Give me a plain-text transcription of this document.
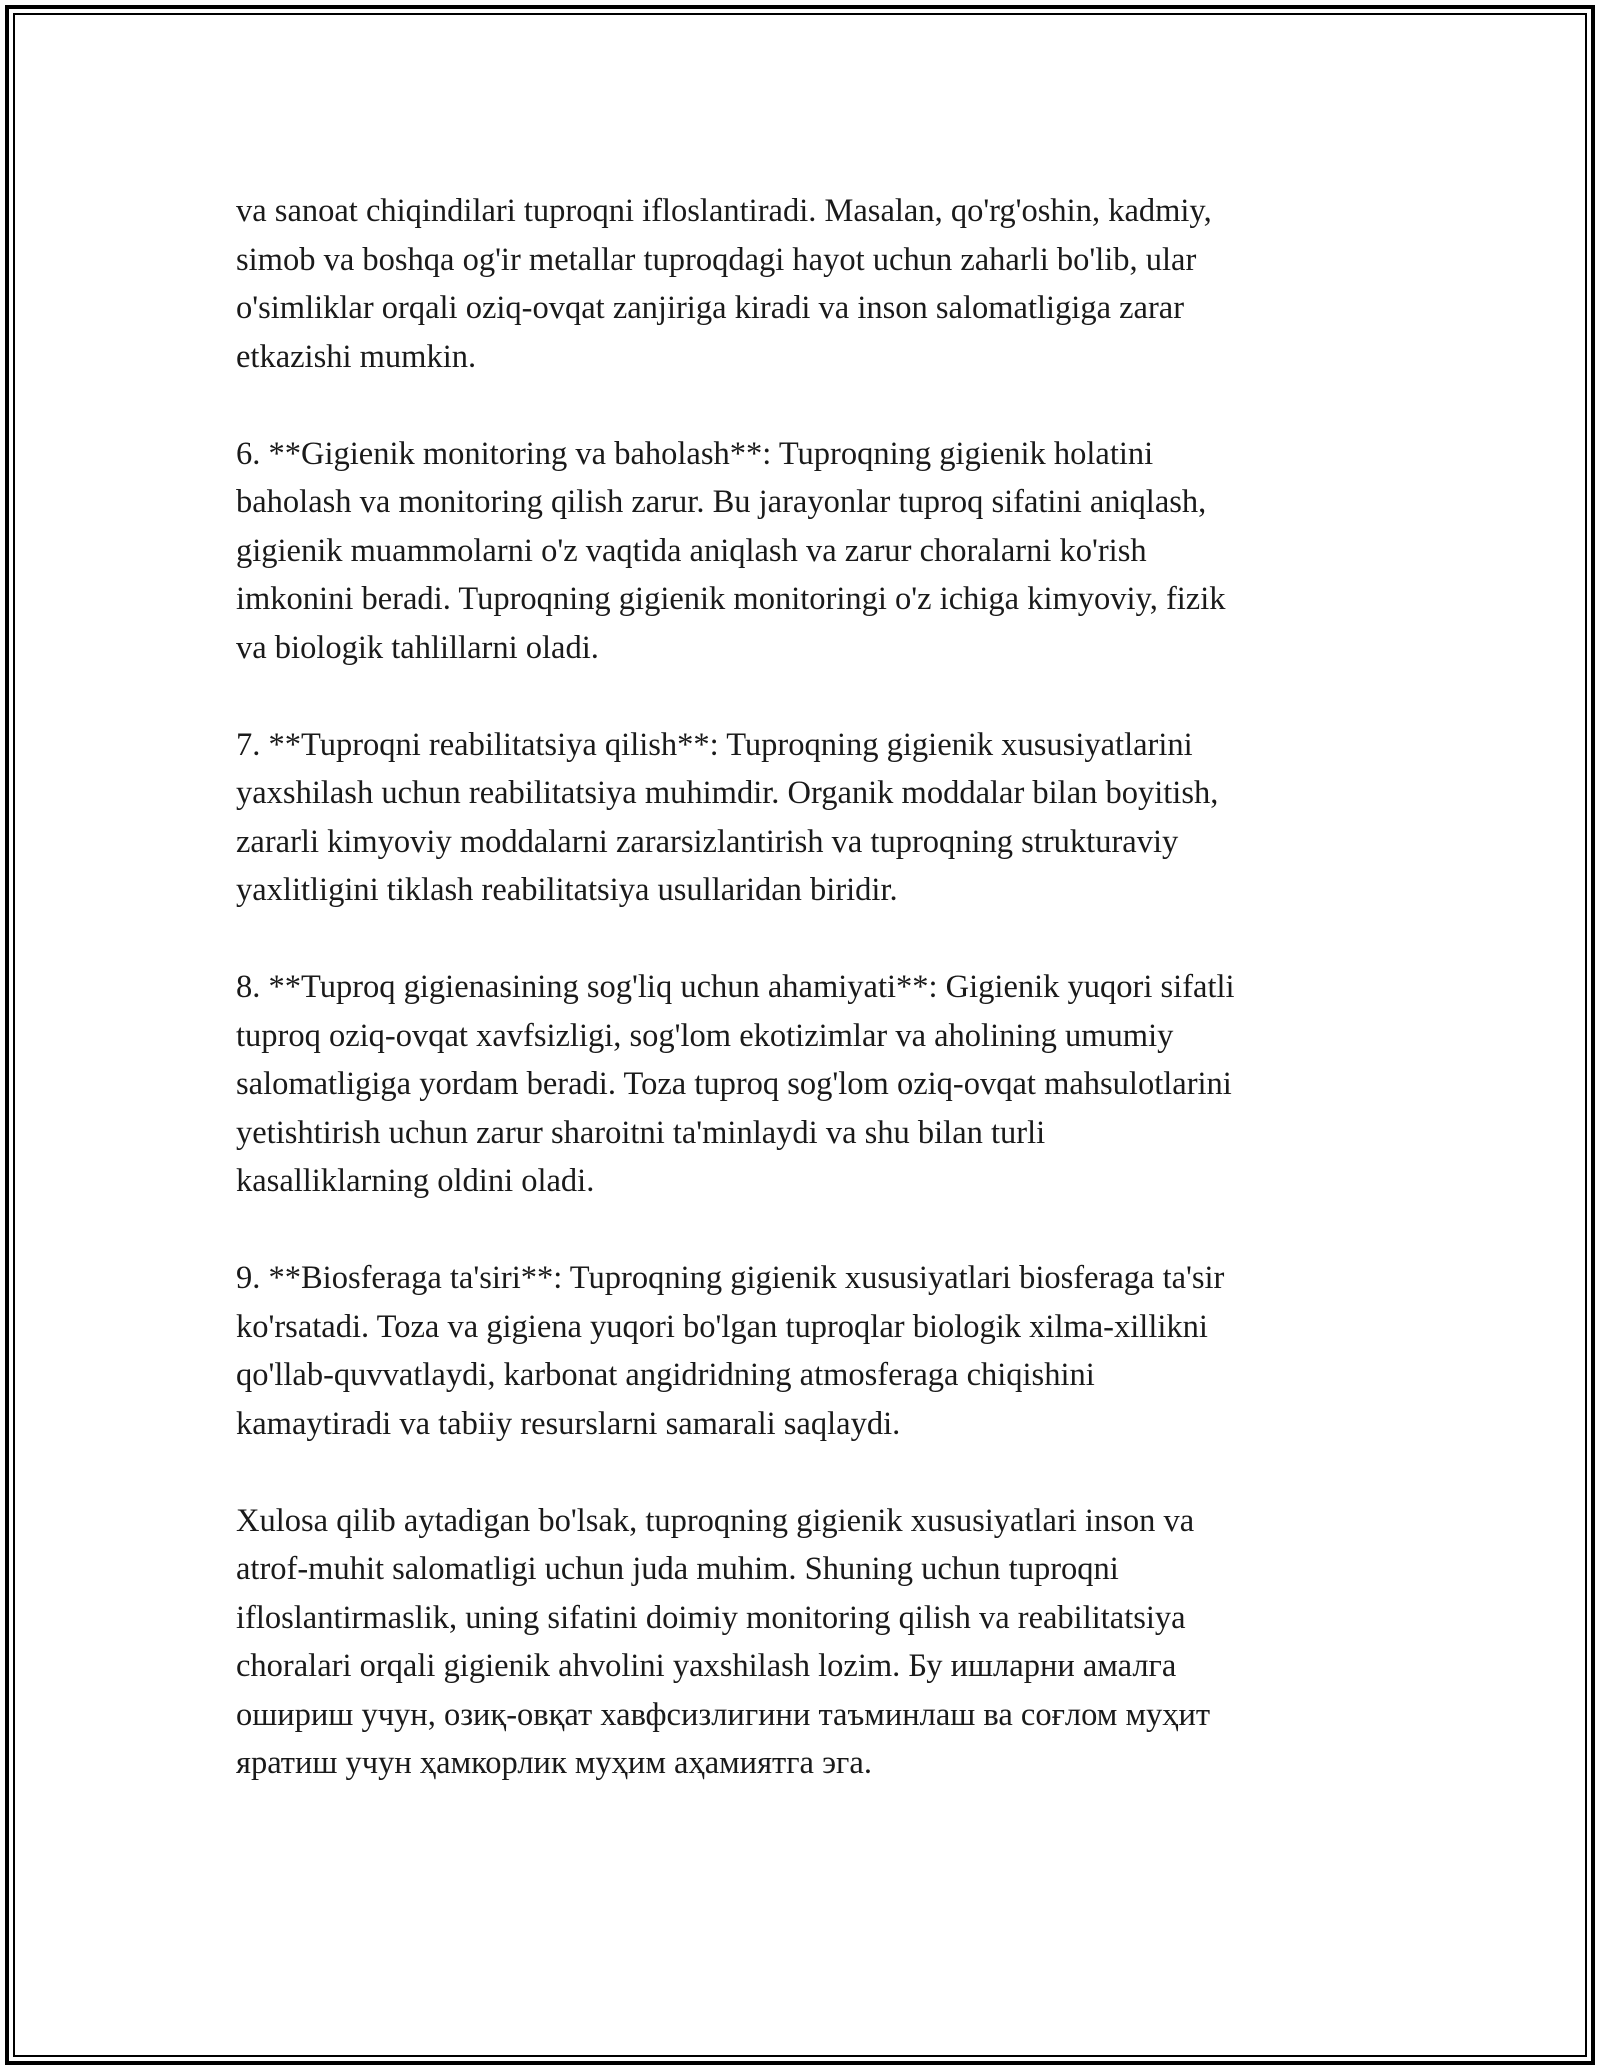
va sanoat chiqindilari tuproqni ifloslantiradi. Masalan, qo'rg'oshin, kadmiy,
simob va boshqa og'ir metallar tuproqdagi hayot uchun zaharli bo'lib, ular
o'simliklar orqali oziq-ovqat zanjiriga kiradi va inson salomatligiga zarar
etkazishi mumkin.

6. **Gigienik monitoring va baholash**: Tuproqning gigienik holatini
baholash va monitoring qilish zarur. Bu jarayonlar tuproq sifatini aniqlash,
gigienik muammolarni o'z vaqtida aniqlash va zarur choralarni ko'rish
imkonini beradi. Tuproqning gigienik monitoringi o'z ichiga kimyoviy, fizik
va biologik tahlillarni oladi.

7. **Tuproqni reabilitatsiya qilish**: Tuproqning gigienik xususiyatlarini
yaxshilash uchun reabilitatsiya muhimdir. Organik moddalar bilan boyitish,
zararli kimyoviy moddalarni zararsizlantirish va tuproqning strukturaviy
yaxlitligini tiklash reabilitatsiya usullaridan biridir.

8. **Tuproq gigienasining sog'liq uchun ahamiyati**: Gigienik yuqori sifatli
tuproq oziq-ovqat xavfsizligi, sog'lom ekotizimlar va aholining umumiy
salomatligiga yordam beradi. Toza tuproq sog'lom oziq-ovqat mahsulotlarini
yetishtirish uchun zarur sharoitni ta'minlaydi va shu bilan turli
kasalliklarning oldini oladi.

9. **Biosferaga ta'siri**: Tuproqning gigienik xususiyatlari biosferaga ta'sir
ko'rsatadi. Toza va gigiena yuqori bo'lgan tuproqlar biologik xilma-xillikni
qo'llab-quvvatlaydi, karbonat angidridning atmosferaga chiqishini
kamaytiradi va tabiiy resurslarni samarali saqlaydi.

Xulosa qilib aytadigan bo'lsak, tuproqning gigienik xususiyatlari inson va
atrof-muhit salomatligi uchun juda muhim. Shuning uchun tuproqni
ifloslantirmaslik, uning sifatini doimiy monitoring qilish va reabilitatsiya
choralari orqali gigienik ahvolini yaxshilash lozim. Бу ишларни амалга
ошириш учун, озиқ-овқат хавфсизлигини таъминлаш ва соғлом муҳит
яратиш учун ҳамкорлик муҳим аҳамиятга эга.
